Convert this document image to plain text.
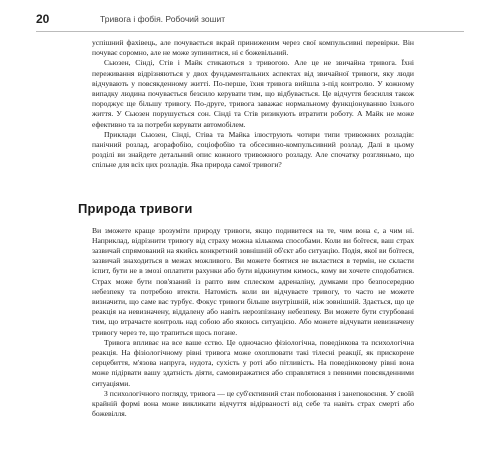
20	Тривога і фобія. Робочий зошит

успішний фахівець, але почувається вкрай приниженим через свої компульсивні перевірки. Він почуває соромно, але не може зупинитися, ні є божевільний.

Сьюзен, Сінді, Стів і Майк стикаються з тривогою. Але це не звичайна тривога. Їхні переживання відрізняються у двох фундаментальних аспектах від звичайної тривоги, яку люди відчувають у повсякденному житті. По-перше, їхня тривога вийшла з-під контролю. У кожному випадку людина почувається безсило керувати тим, що відбувається. Це відчуття безсилля також породжує ще більшу тривогу. По-друге, тривога заважає нормальному функціонуванню їхнього життя. У Сьюзен порушується сон. Сінді та Стів ризикують втратити роботу. А Майк не може ефективно та за потреби керувати автомобілем.

Приклади Сьюзен, Сінді, Стіва та Майка ілюструють чотири типи тривожних розладів: панічний розлад, агорафобію, соціофобію та обсесивно-компульсивний розлад. Далі в цьому розділі ви знайдете детальний опис кожного тривожного розладу. Але спочатку розгляньмо, що спільне для всіх цих розладів. Яка природа самої тривоги?

Природа тривоги

Ви зможете краще зрозуміти природу тривоги, якщо подивитеся на те, чим вона є, а чим ні. Наприклад, відрізнити тривогу від страху можна кількома способами. Коли ви боїтеся, ваш страх зазвичай спрямований на якийсь конкретний зовнішній об'єкт або ситуацію. Подія, якої ви боїтеся, зазвичай знаходиться в межах можливого. Ви можете боятися не вкластися в термін, не скласти іспит, бути не в змозі оплатити рахунки або бути відкинутим кимось, кому ви хочете сподобатися. Страх може бути пов'язаний із рапто вим сплеском адреналіну, думками про безпосередню небезпеку та потребою втекти. Натомість коли ви відчуваєте тривогу, то часто не можете визначити, що саме вас турбує. Фокус тривоги більше внутрішній, ніж зовнішній. Здається, що це реакція на невизначену, віддалену або навіть нерозпізнану небезпеку. Ви можете бути стурбовані тим, що втрачаєте контроль над собою або якоюсь ситуацією. Або можете відчувати невизначену тривогу через те, що трапиться щось погане.

Тривога впливає на все ваше єство. Це одночасно фізіологічна, поведінкова та психологічна реакція. На фізіологічному рівні тривога може охоплювати такі тілесні реакції, як прискорене серцебиття, м'язова напруга, нудота, сухість у роті або пітливість. На поведінковому рівні вона може підірвати вашу здатність діяти, самовиражатися або справлятися з певними повсякденними ситуаціями.

З психологічного погляду, тривога — це суб'єктивний стан побоювання і занепокоєння. У своїй крайній формі вона може викликати відчуття відірваності від себе та навіть страх смерті або божевілля.
